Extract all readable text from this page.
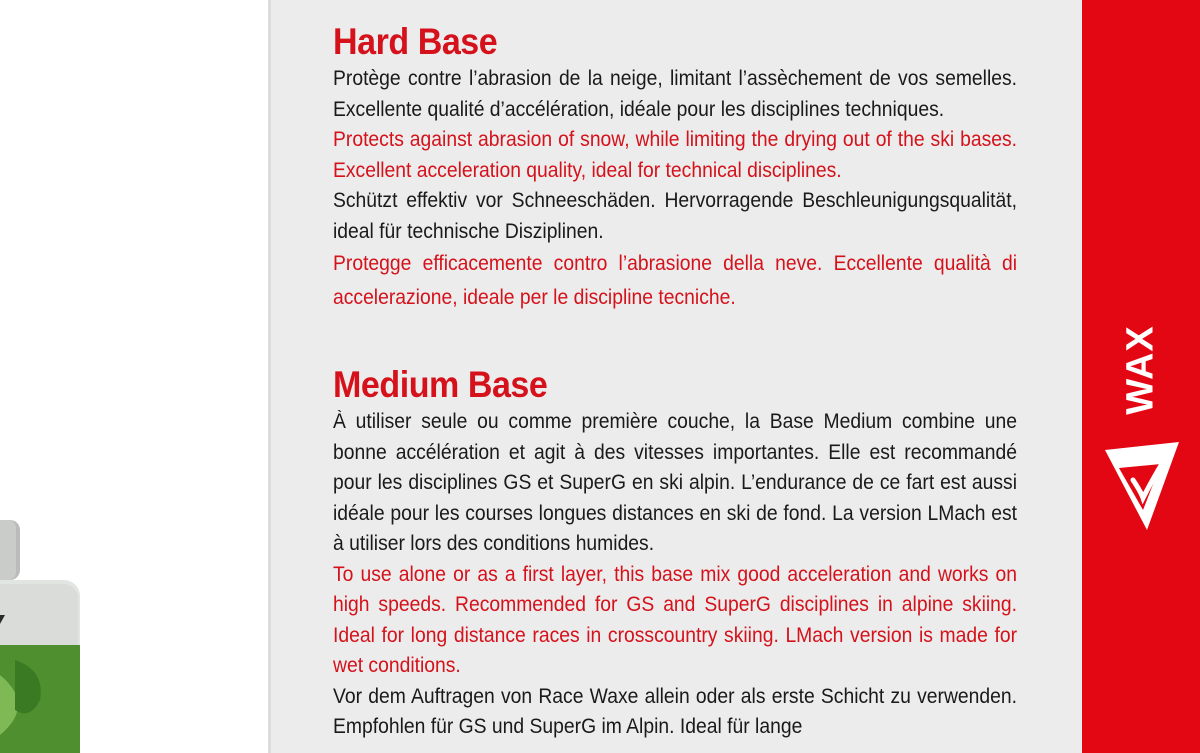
Hard Base

Protège contre l’abrasion de la neige, limitant l’assèchement de vos semelles. Excellente qualité d’accélération, idéale pour les disciplines techniques.

Protects against abrasion of snow, while limiting the drying out of the ski bases. Excellent acceleration quality, ideal for technical disciplines.

Schützt effektiv vor Schneeschäden. Hervorragende Beschleunigungsqualität, ideal für technische Disziplinen.

Protegge efficacemente contro l’abrasione della neve. Eccellente qualità di accelerazione, ideale per le discipline tecniche.

Medium Base

À utiliser seule ou comme première couche, la Base Medium combine une bonne accélération et agit à des vitesses importantes. Elle est recommandé pour les disciplines GS et SuperG en ski alpin. L’endurance de ce fart est aussi idéale pour les courses longues distances en ski de fond. La version LMach est à utiliser lors des conditions humides.

To use alone or as a first layer, this base mix good acceleration and works on high speeds. Recommended for GS and SuperG disciplines in alpine skiing. Ideal for long distance races in crosscountry skiing. LMach version is made for wet conditions.

Vor dem Auftragen von Race Waxe allein oder als erste Schicht zu verwenden. Empfohlen für GS und SuperG im Alpin. Ideal für lange

WAX
